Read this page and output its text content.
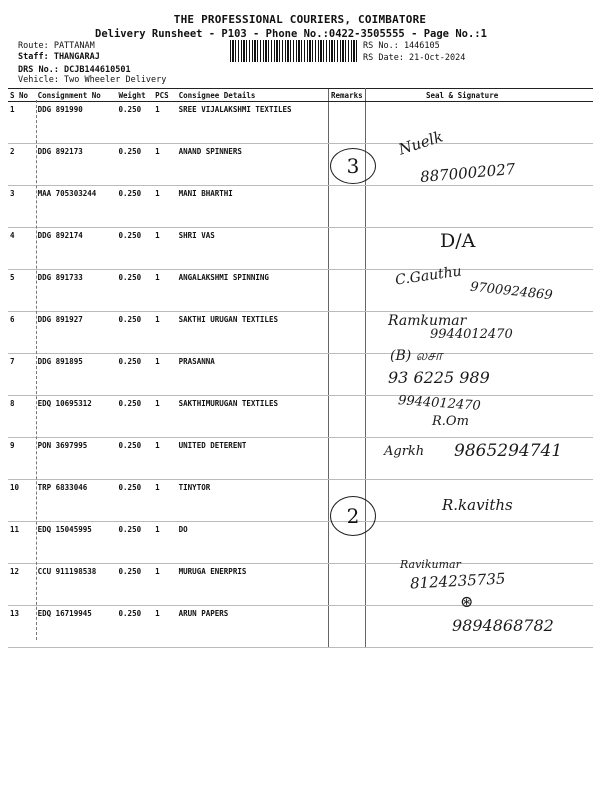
THE PROFESSIONAL COURIERS, COIMBATORE
Delivery Runsheet - P103 - Phone No.:0422-3505555 - Page No.:1
Route: PATTANAM
Staff: THANGARAJ
DRS No.: DCJB144610501
Vehicle: Two Wheeler Delivery
RS No.: 1446105
RS Date: 21-Oct-2024
S No	Consignment No	Weight	PCS	Consignee Details	Remarks	Seal & Signature
1	DDG 891990	0.250	1	SREE VIJALAKSHMI TEXTILES		
2	DDG 892173	0.250	1	ANAND SPINNERS		
3	MAA 705303244	0.250	1	MANI BHARTHI		
4	DDG 892174	0.250	1	SHRI VAS		
5	DDG 891733	0.250	1	ANGALAKSHMI SPINNING		
6	DDG 891927	0.250	1	SAKTHI URUGAN TEXTILES		
7	DDG 891895	0.250	1	PRASANNA		
8	EDQ 10695312	0.250	1	SAKTHIMURUGAN TEXTILES		
9	PON 3697995	0.250	1	UNITED DETERENT		
10	TRP 6833046	0.250	1	TINYTOR		
11	EDQ 15045995	0.250	1	DO		
12	CCU 911198538	0.250	1	MURUGA ENERPRIS		
13	EDQ 16719945	0.250	1	ARUN PAPERS		
3
2
Nuelk
8870002027
D/A
C.Gauthu
9700924869
Ramkumar
9944012470
(B) லசா
93 6225 989
9944012470
R.Om
Agrkh 9865294741
R.kaviths
Ravikumar
8124235735
⊛
9894868782
